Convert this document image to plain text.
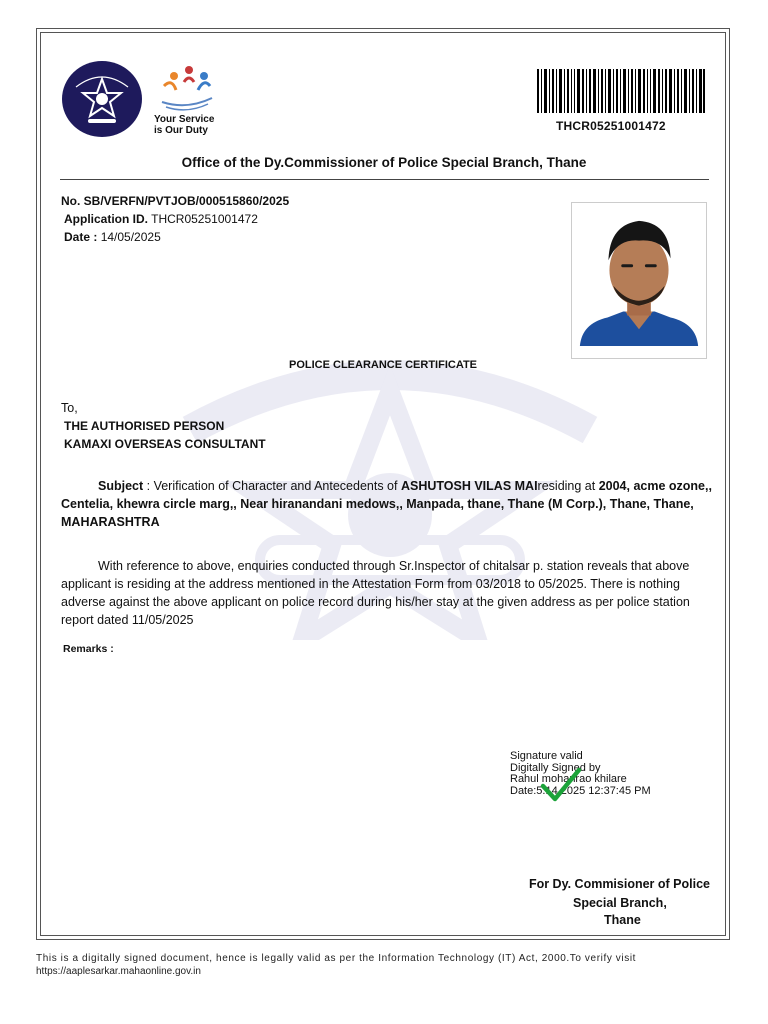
Your Service
is Our Duty	THCR05251001472
Office of the Dy.Commissioner of Police Special Branch, Thane
No. SB/VERFN/PVTJOB/000515860/2025
Application ID. THCR05251001472
Date : 14/05/2025
POLICE CLEARANCE CERTIFICATE
To,
THE AUTHORISED PERSON
KAMAXI OVERSEAS CONSULTANT
Subject : Verification of Character and Antecedents of ASHUTOSH VILAS MAIresiding at 2004, acme ozone,, Centelia, khewra circle marg,, Near hiranandani medows,, Manpada, thane, Thane (M Corp.), Thane, Thane, MAHARASHTRA
With reference to above, enquiries conducted through Sr.Inspector of chitalsar p. station reveals that above applicant is residing at the address mentioned in the Attestation Form from 03/2018 to 05/2025. There is nothing adverse against the above applicant on police record during his/her stay at the given address as per police station report dated 11/05/2025
Remarks :
Signature valid
Digitally Signed by
Rahul mohanrao khilare
Date:5.14.2025 12:37:45 PM
For Dy. Commisioner of Police
Special Branch,
Thane
This is a digitally signed document, hence is legally valid as per the Information Technology (IT) Act, 2000.To verify visit
https://aaplesarkar.mahaonline.gov.in
